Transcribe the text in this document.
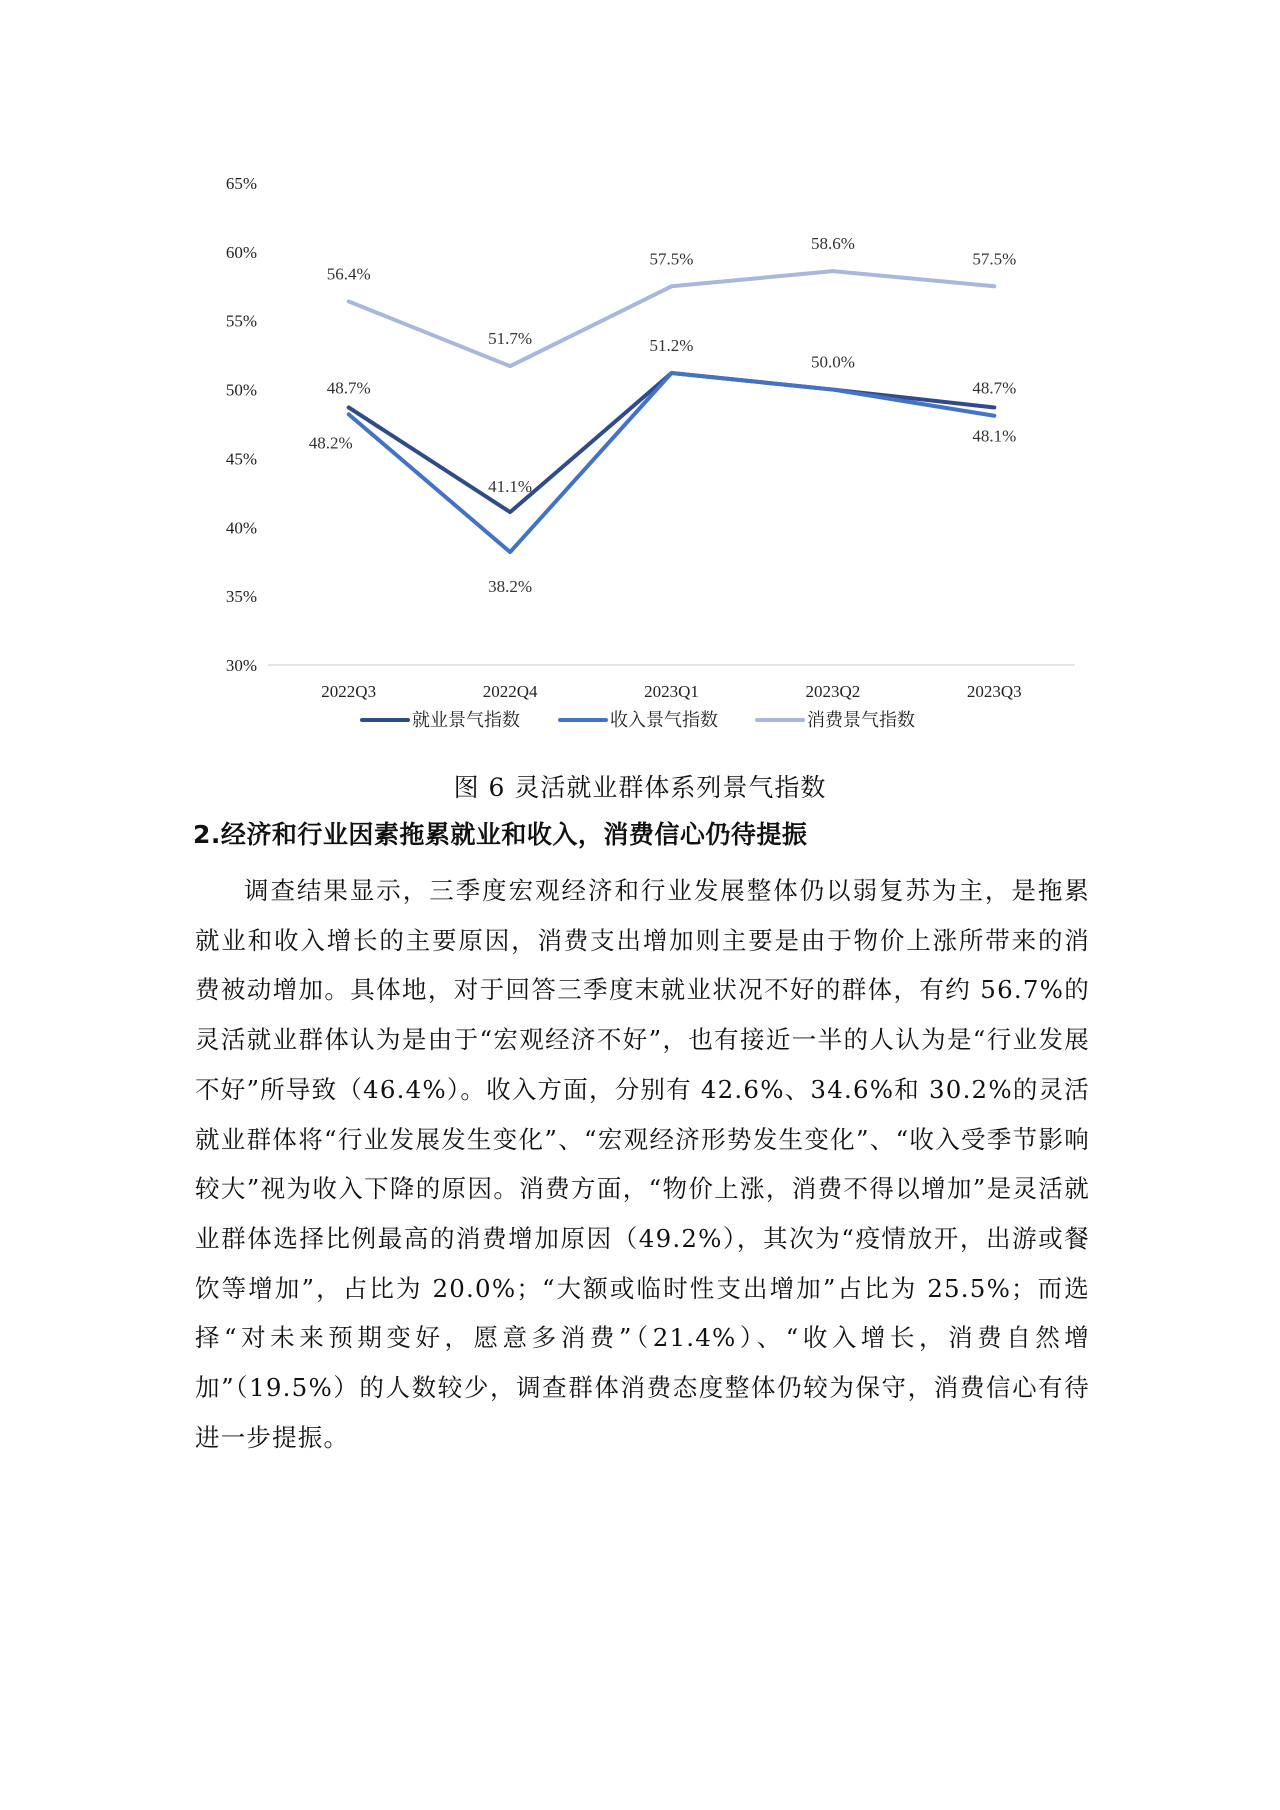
30%
35%
40%
45%
50%
55%
60%
65%
2022Q3	2022Q4	2023Q1	2023Q2	2023Q3
48.7%
41.1%
51.2%
50.0%
48.7%
48.2%
38.2%
48.1%
56.4%
51.7%
57.5%
58.6%
57.5%
就业景气指数	收入景气指数	消费景气指数
图 6 灵活就业群体系列景气指数
2.经济和行业因素拖累就业和收入，消费信心仍待提振

调查结果显示，三季度宏观经济和行业发展整体仍以弱复苏为主，是拖累就业和收入增长的主要原因，消费支出增加则主要是由于物价上涨所带来的消费被动增加。具体地，对于回答三季度末就业状况不好的群体，有约 56.7%的灵活就业群体认为是由于“宏观经济不好”，也有接近一半的人认为是“行业发展不好”所导致（46.4%）。收入方面，分别有 42.6%、34.6%和 30.2%的灵活就业群体将“行业发展发生变化”、“宏观经济形势发生变化”、“收入受季节影响较大”视为收入下降的原因。消费方面，“物价上涨，消费不得以增加”是灵活就业群体选择比例最高的消费增加原因（49.2%），其次为“疫情放开，出游或餐饮等增加”，占比为 20.0%；“大额或临时性支出增加”占比为 25.5%；而选择“对未来预期变好，愿意多消费”（21.4%）、“收入增长，消费自然增加”（19.5%）的人数较少，调查群体消费态度整体仍较为保守，消费信心有待进一步提振。
